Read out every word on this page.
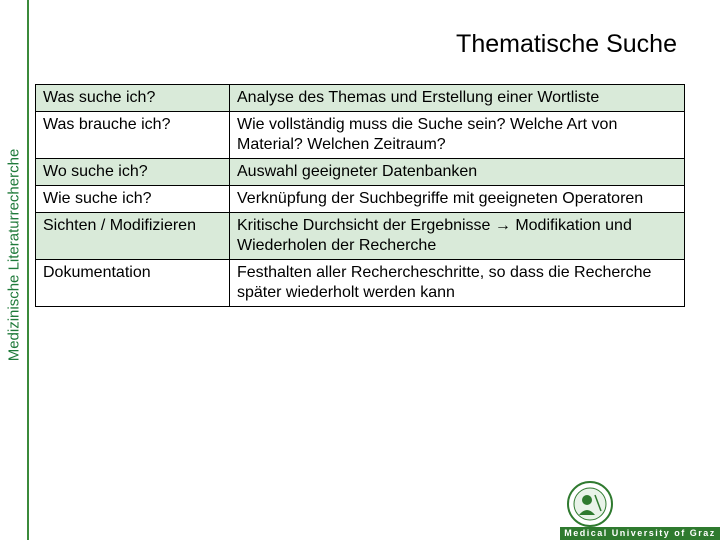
Medizinische Literaturrecherche
Thematische Suche
Was suche ich?	Analyse des Themas und Erstellung einer Wortliste
Was brauche ich?	Wie vollständig muss die Suche sein? Welche Art von Material? Welchen Zeitraum?
Wo suche ich?	Auswahl geeigneter Datenbanken
Wie suche ich?	Verknüpfung der Suchbegriffe mit geeigneten Operatoren
Sichten / Modifizieren	Kritische Durchsicht der Ergebnisse → Modifikation und Wiederholen der Recherche
Dokumentation	Festhalten aller Rechercheschritte, so dass die Recherche später wiederholt werden kann
Medical University of Graz
